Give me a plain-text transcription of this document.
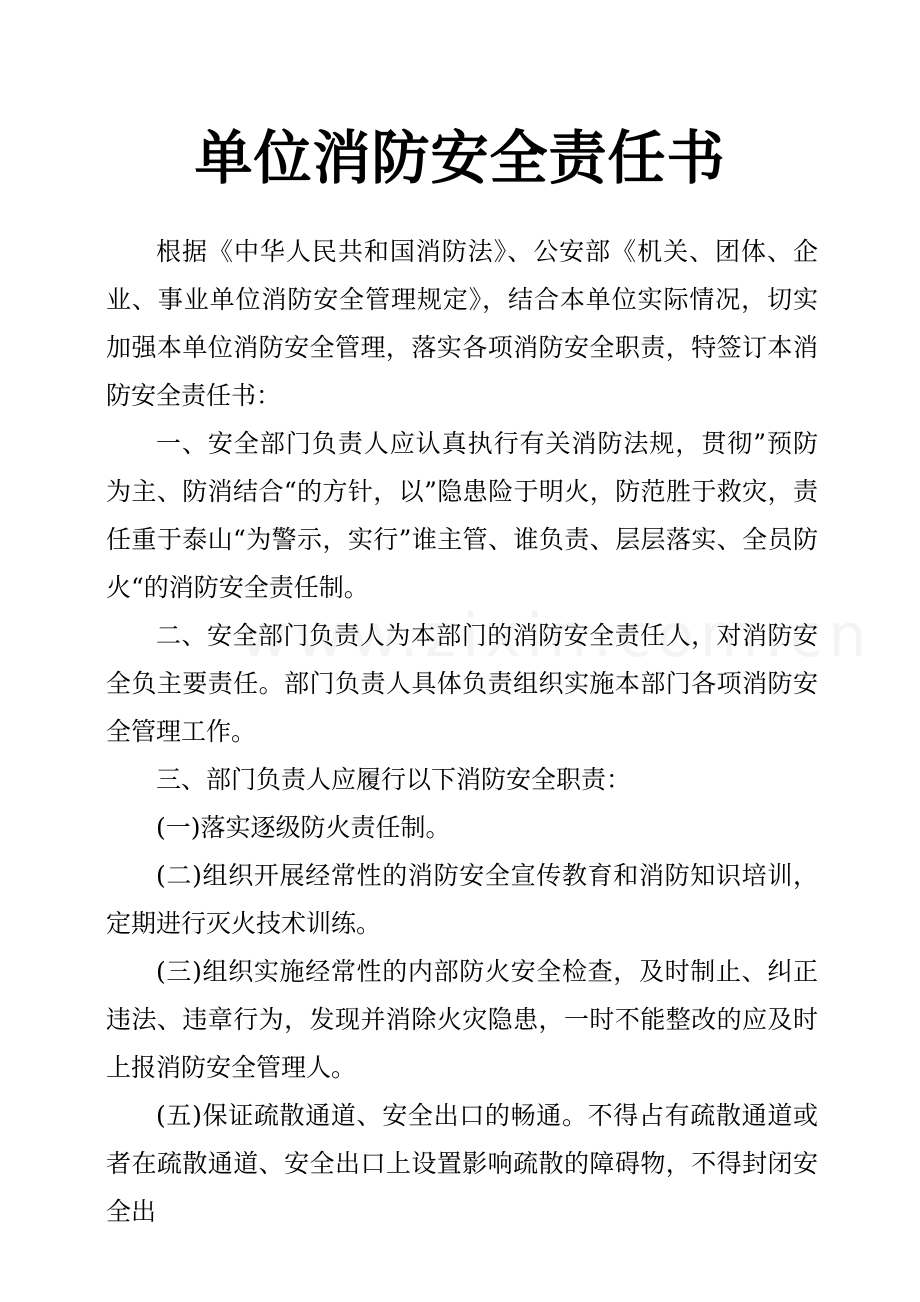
单位消防安全责任书

根据《中华人民共和国消防法》、公安部《机关、团体、企业、事业单位消防安全管理规定》，结合本单位实际情况，切实加强本单位消防安全管理，落实各项消防安全职责，特签订本消防安全责任书：

一、安全部门负责人应认真执行有关消防法规，贯彻”预防为主、防消结合“的方针，以”隐患险于明火，防范胜于救灾，责任重于泰山“为警示，实行”谁主管、谁负责、层层落实、全员防火“的消防安全责任制。

二、安全部门负责人为本部门的消防安全责任人，对消防安全负主要责任。部门负责人具体负责组织实施本部门各项消防安全管理工作。

三、部门负责人应履行以下消防安全职责：

(一)落实逐级防火责任制。

(二)组织开展经常性的消防安全宣传教育和消防知识培训，定期进行灭火技术训练。

(三)组织实施经常性的内部防火安全检查，及时制止、纠正违法、违章行为，发现并消除火灾隐患，一时不能整改的应及时上报消防安全管理人。

(五)保证疏散通道、安全出口的畅通。不得占有疏散通道或者在疏散通道、安全出口上设置影响疏散的障碍物，不得封闭安全出
